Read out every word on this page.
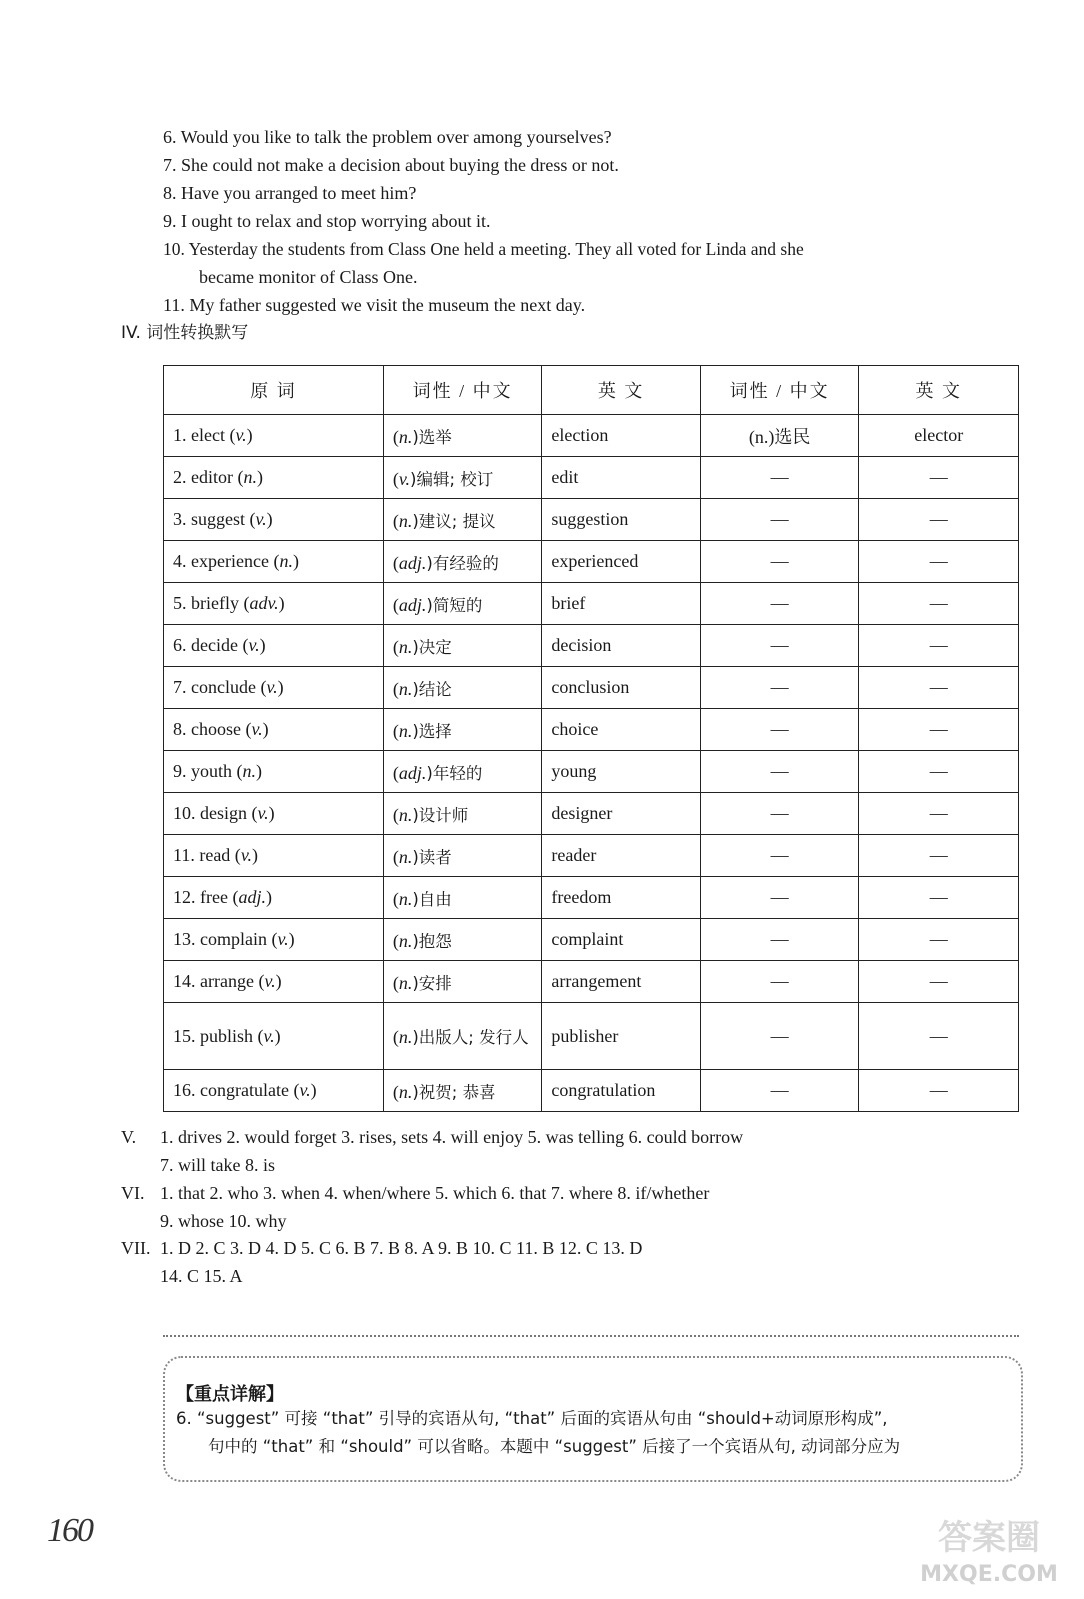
6. Would you like to talk the problem over among yourselves?
7. She could not make a decision about buying the dress or not.
8. Have you arranged to meet him?
9. I ought to relax and stop worrying about it.
10. Yesterday the students from Class One held a meeting. They all voted for Linda and she
became monitor of Class One.
11. My father suggested we visit the museum the next day.
IV. 词性转换默写
原 词	词性 / 中文	英 文	词性 / 中文	英 文
1. elect (v.)	(n.)选举	election	(n.)选民	elector
2. editor (n.)	(v.)编辑; 校订	edit	—	—
3. suggest (v.)	(n.)建议; 提议	suggestion	—	—
4. experience (n.)	(adj.)有经验的	experienced	—	—
5. briefly (adv.)	(adj.)简短的	brief	—	—
6. decide (v.)	(n.)决定	decision	—	—
7. conclude (v.)	(n.)结论	conclusion	—	—
8. choose (v.)	(n.)选择	choice	—	—
9. youth (n.)	(adj.)年轻的	young	—	—
10. design (v.)	(n.)设计师	designer	—	—
11. read (v.)	(n.)读者	reader	—	—
12. free (adj.)	(n.)自由	freedom	—	—
13. complain (v.)	(n.)抱怨	complaint	—	—
14. arrange (v.)	(n.)安排	arrangement	—	—
15. publish (v.)	(n.)出版人; 发行人	publisher	—	—
16. congratulate (v.)	(n.)祝贺; 恭喜	congratulation	—	—
V. 1. drives 2. would forget 3. rises, sets 4. will enjoy 5. was telling 6. could borrow
7. will take 8. is
VI. 1. that 2. who 3. when 4. when/where 5. which 6. that 7. where 8. if/whether
9. whose 10. why
VII. 1. D 2. C 3. D 4. D 5. C 6. B 7. B 8. A 9. B 10. C 11. B 12. C 13. D
14. C 15. A
【重点详解】
6. “suggest” 可接 “that” 引导的宾语从句, “that” 后面的宾语从句由 “should+动词原形构成”,
句中的 “that” 和 “should” 可以省略。本题中 “suggest” 后接了一个宾语从句, 动词部分应为
160	答案圈
MXQE.COM
